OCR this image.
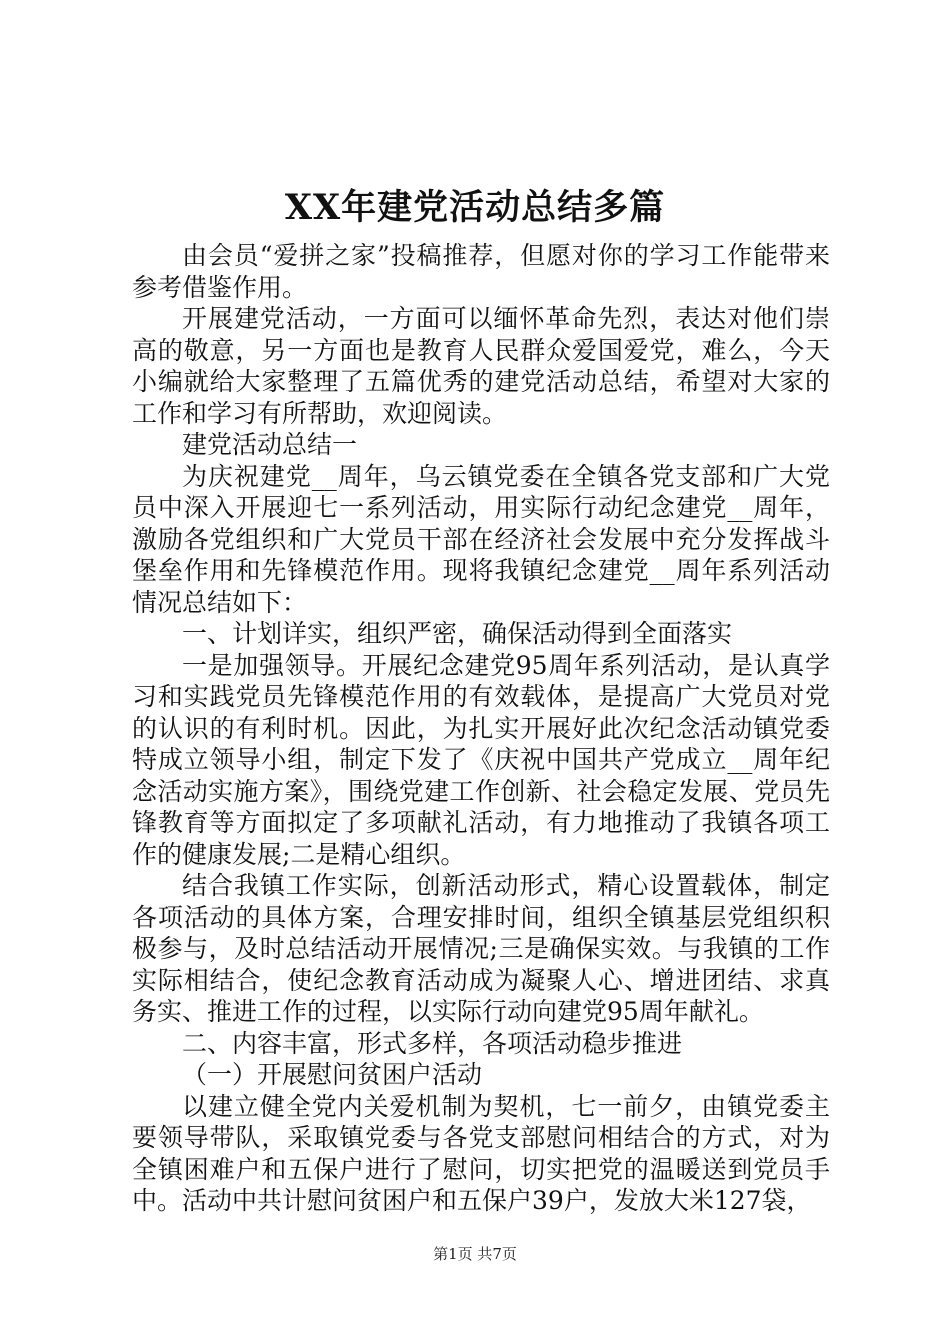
XX年建党活动总结多篇

由会员“爱拼之家”投稿推荐，但愿对你的学习工作能带来参考借鉴作用。

开展建党活动，一方面可以缅怀革命先烈，表达对他们崇高的敬意，另一方面也是教育人民群众爱国爱党，难么，今天小编就给大家整理了五篇优秀的建党活动总结，希望对大家的工作和学习有所帮助，欢迎阅读。

建党活动总结一

为庆祝建党__周年，乌云镇党委在全镇各党支部和广大党员中深入开展迎七一系列活动，用实际行动纪念建党__周年，激励各党组织和广大党员干部在经济社会发展中充分发挥战斗堡垒作用和先锋模范作用。现将我镇纪念建党__周年系列活动情况总结如下：

一、计划详实，组织严密，确保活动得到全面落实

一是加强领导。开展纪念建党95周年系列活动，是认真学习和实践党员先锋模范作用的有效载体，是提高广大党员对党的认识的有利时机。因此，为扎实开展好此次纪念活动镇党委特成立领导小组，制定下发了《庆祝中国共产党成立__周年纪念活动实施方案》，围绕党建工作创新、社会稳定发展、党员先锋教育等方面拟定了多项献礼活动，有力地推动了我镇各项工作的健康发展;二是精心组织。

结合我镇工作实际，创新活动形式，精心设置载体，制定各项活动的具体方案，合理安排时间，组织全镇基层党组织积极参与，及时总结活动开展情况;三是确保实效。与我镇的工作实际相结合，使纪念教育活动成为凝聚人心、增进团结、求真务实、推进工作的过程，以实际行动向建党95周年献礼。

二、内容丰富，形式多样，各项活动稳步推进

（一）开展慰问贫困户活动

以建立健全党内关爱机制为契机，七一前夕，由镇党委主要领导带队，采取镇党委与各党支部慰问相结合的方式，对为全镇困难户和五保户进行了慰问，切实把党的温暖送到党员手中。活动中共计慰问贫困户和五保户39户，发放大米127袋，

第1页 共7页
